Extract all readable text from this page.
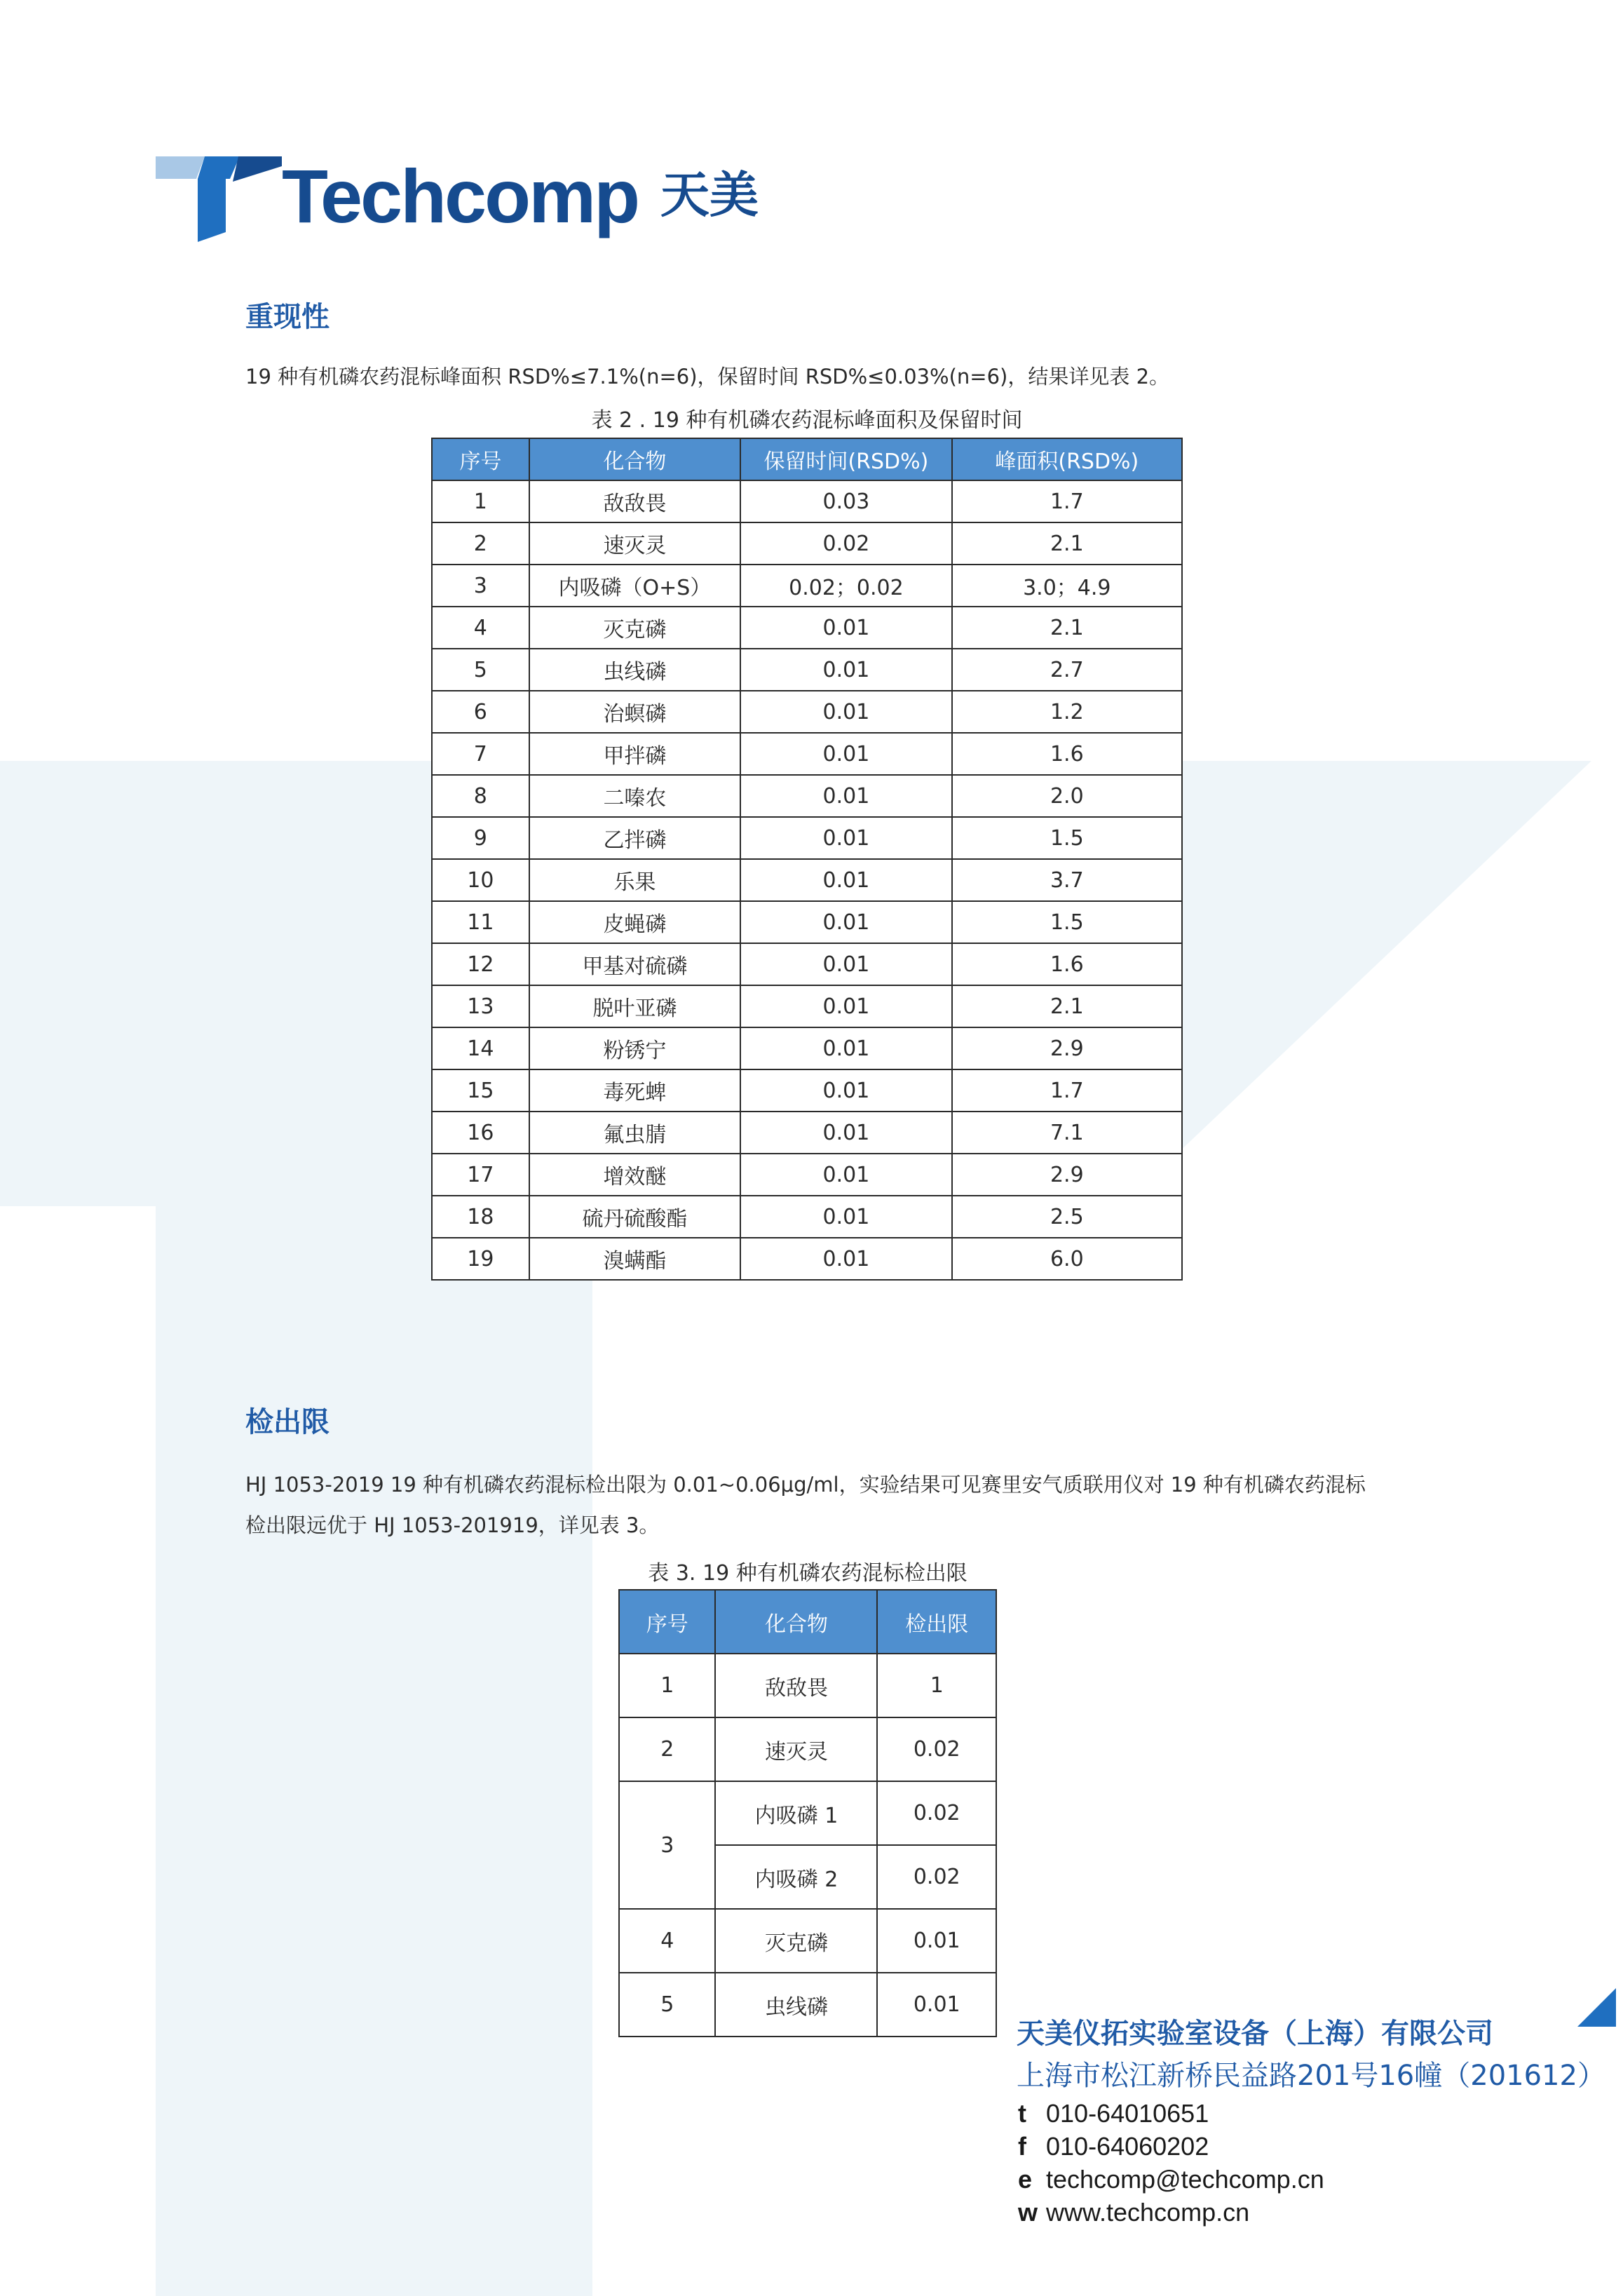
Techcomp 天美
重现性
19 种有机磷农药混标峰面积 RSD%≤7.1%(n=6)，保留时间 RSD%≤0.03%(n=6)，结果详见表 2。
表 2 . 19 种有机磷农药混标峰面积及保留时间
序号	化合物	保留时间(RSD%)	峰面积(RSD%)
1	敌敌畏	0.03	1.7
2	速灭灵	0.02	2.1
3	内吸磷（O+S）	0.02；0.02	3.0；4.9
4	灭克磷	0.01	2.1
5	虫线磷	0.01	2.7
6	治螟磷	0.01	1.2
7	甲拌磷	0.01	1.6
8	二嗪农	0.01	2.0
9	乙拌磷	0.01	1.5
10	乐果	0.01	3.7
11	皮蝇磷	0.01	1.5
12	甲基对硫磷	0.01	1.6
13	脱叶亚磷	0.01	2.1
14	粉锈宁	0.01	2.9
15	毒死蜱	0.01	1.7
16	氟虫腈	0.01	7.1
17	增效醚	0.01	2.9
18	硫丹硫酸酯	0.01	2.5
19	溴螨酯	0.01	6.0
检出限
HJ 1053-2019 19 种有机磷农药混标检出限为 0.01~0.06μg/ml，实验结果可见赛里安气质联用仪对 19 种有机磷农药混标
检出限远优于 HJ 1053-201919，详见表 3。
表 3. 19 种有机磷农药混标检出限
序号	化合物	检出限
1	敌敌畏	1
2	速灭灵	0.02
3	内吸磷 1	0.02
	内吸磷 2	0.02
4	灭克磷	0.01
5	虫线磷	0.01
天美仪拓实验室设备（上海）有限公司
上海市松江新桥民益路201号16幢（201612）
t 010-64010651
f 010-64060202
e techcomp@techcomp.cn
w www.techcomp.cn
